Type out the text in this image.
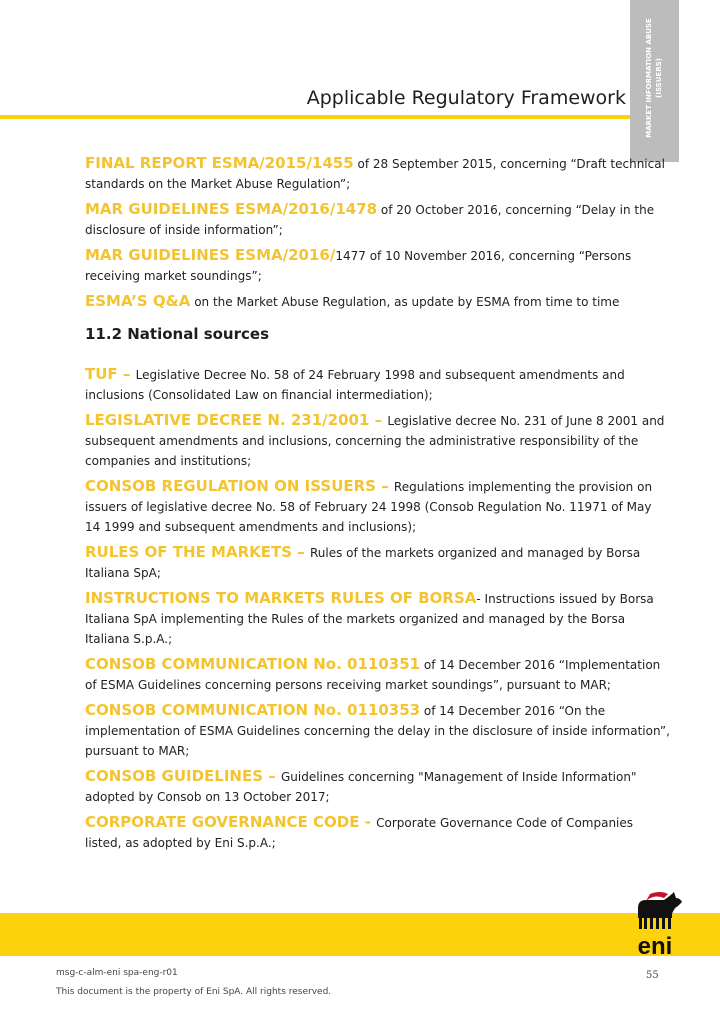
MARKET INFORMATION ABUSE (ISSUERS)
Applicable Regulatory Framework

FINAL REPORT ESMA/2015/1455 of 28 September 2015, concerning “Draft technical standards on the Market Abuse Regulation”;

MAR GUIDELINES ESMA/2016/1478 of 20 October 2016, concerning “Delay in the disclosure of inside information”;

MAR GUIDELINES ESMA/2016/1477 of 10 November 2016, concerning “Persons receiving market soundings”;

ESMA’S Q&A on the Market Abuse Regulation, as update by ESMA from time to time

11.2 National sources

TUF – Legislative Decree No. 58 of 24 February 1998 and subsequent amendments and inclusions (Consolidated Law on financial intermediation);

LEGISLATIVE DECREE N. 231/2001 – Legislative decree No. 231 of June 8 2001 and subsequent amendments and inclusions, concerning the administrative responsibility of the companies and institutions;

CONSOB REGULATION ON ISSUERS – Regulations implementing the provision on issuers of legislative decree No. 58 of February 24 1998 (Consob Regulation No. 11971 of May 14 1999 and subsequent amendments and inclusions);

RULES OF THE MARKETS – Rules of the markets organized and managed by Borsa Italiana SpA;

INSTRUCTIONS TO MARKETS RULES OF BORSA- Instructions issued by Borsa Italiana SpA implementing the Rules of the markets organized and managed by the Borsa Italiana S.p.A.;

CONSOB COMMUNICATION No. 0110351 of 14 December 2016 “Implementation of ESMA Guidelines concerning persons receiving market soundings”, pursuant to MAR;

CONSOB COMMUNICATION No. 0110353 of 14 December 2016 “On the implementation of ESMA Guidelines concerning the delay in the disclosure of inside information”, pursuant to MAR;

CONSOB GUIDELINES – Guidelines concerning "Management of Inside Information" adopted by Consob on 13 October 2017;

CORPORATE GOVERNANCE CODE - Corporate Governance Code of Companies listed, as adopted by Eni S.p.A.;

eni
msg-c-alm-eni spa-eng-r01	55
This document is the property of Eni SpA. All rights reserved.
